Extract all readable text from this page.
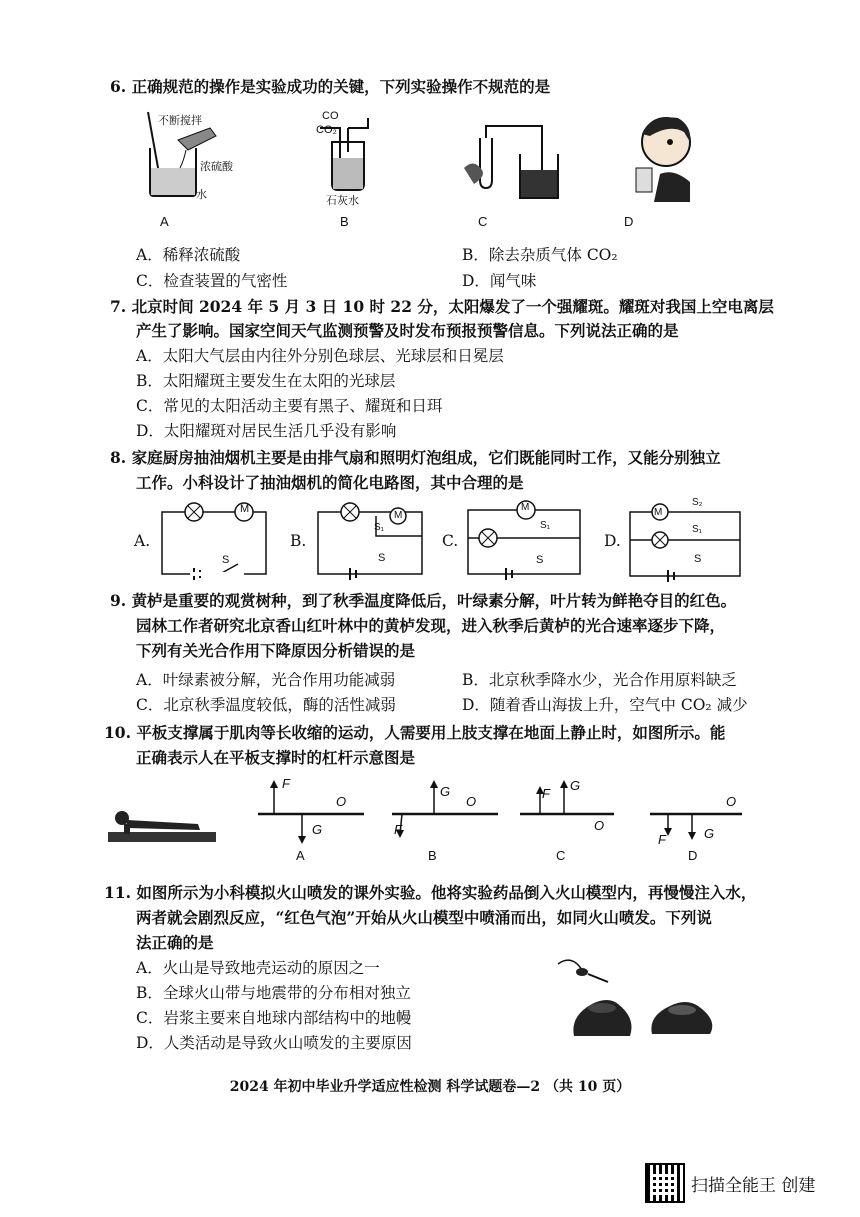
6. 正确规范的操作是实验成功的关键，下列实验操作不规范的是
不断搅拌
浓硫酸
水
CO
CO₂
石灰水
A	B	C	D
A．稀释浓硫酸	B．除去杂质气体 CO₂
C．检查装置的气密性	D．闻气味
7. 北京时间 2024 年 5 月 3 日 10 时 22 分，太阳爆发了一个强耀斑。耀斑对我国上空电离层
产生了影响。国家空间天气监测预警及时发布预报预警信息。下列说法正确的是
A．太阳大气层由内往外分别色球层、光球层和日冕层
B．太阳耀斑主要发生在太阳的光球层
C．常见的太阳活动主要有黑子、耀斑和日珥
D．太阳耀斑对居民生活几乎没有影响
8. 家庭厨房抽油烟机主要是由排气扇和照明灯泡组成，它们既能同时工作，又能分别独立
工作。小科设计了抽油烟机的简化电路图，其中合理的是
A.
M
S
B.
M
S₁
S
C.
M
S₁
S
D.
M
S₂
S₁
S
9. 黄栌是重要的观赏树种，到了秋季温度降低后，叶绿素分解，叶片转为鲜艳夺目的红色。
园林工作者研究北京香山红叶林中的黄栌发现，进入秋季后黄栌的光合速率逐步下降，
下列有关光合作用下降原因分析错误的是
A．叶绿素被分解，光合作用功能减弱	B．北京秋季降水少，光合作用原料缺乏
C．北京秋季温度较低，酶的活性减弱	D．随着香山海拔上升，空气中 CO₂ 减少
10. 平板支撑属于肌肉等长收缩的运动，人需要用上肢支撑在地面上静止时，如图所示。能
正确表示人在平板支撑时的杠杆示意图是
F
G
O
A
G
O
F
B
F
G
O
C
O
F	G
D
11. 如图所示为小科模拟火山喷发的课外实验。他将实验药品倒入火山模型内，再慢慢注入水，
两者就会剧烈反应，“红色气泡”开始从火山模型中喷涌而出，如同火山喷发。下列说
法正确的是
A．火山是导致地壳运动的原因之一
B．全球火山带与地震带的分布相对独立
C．岩浆主要来自地球内部结构中的地幔
D．人类活动是导致火山喷发的主要原因
2024 年初中毕业升学适应性检测 科学试题卷—2 （共 10 页）
扫描全能王 创建
